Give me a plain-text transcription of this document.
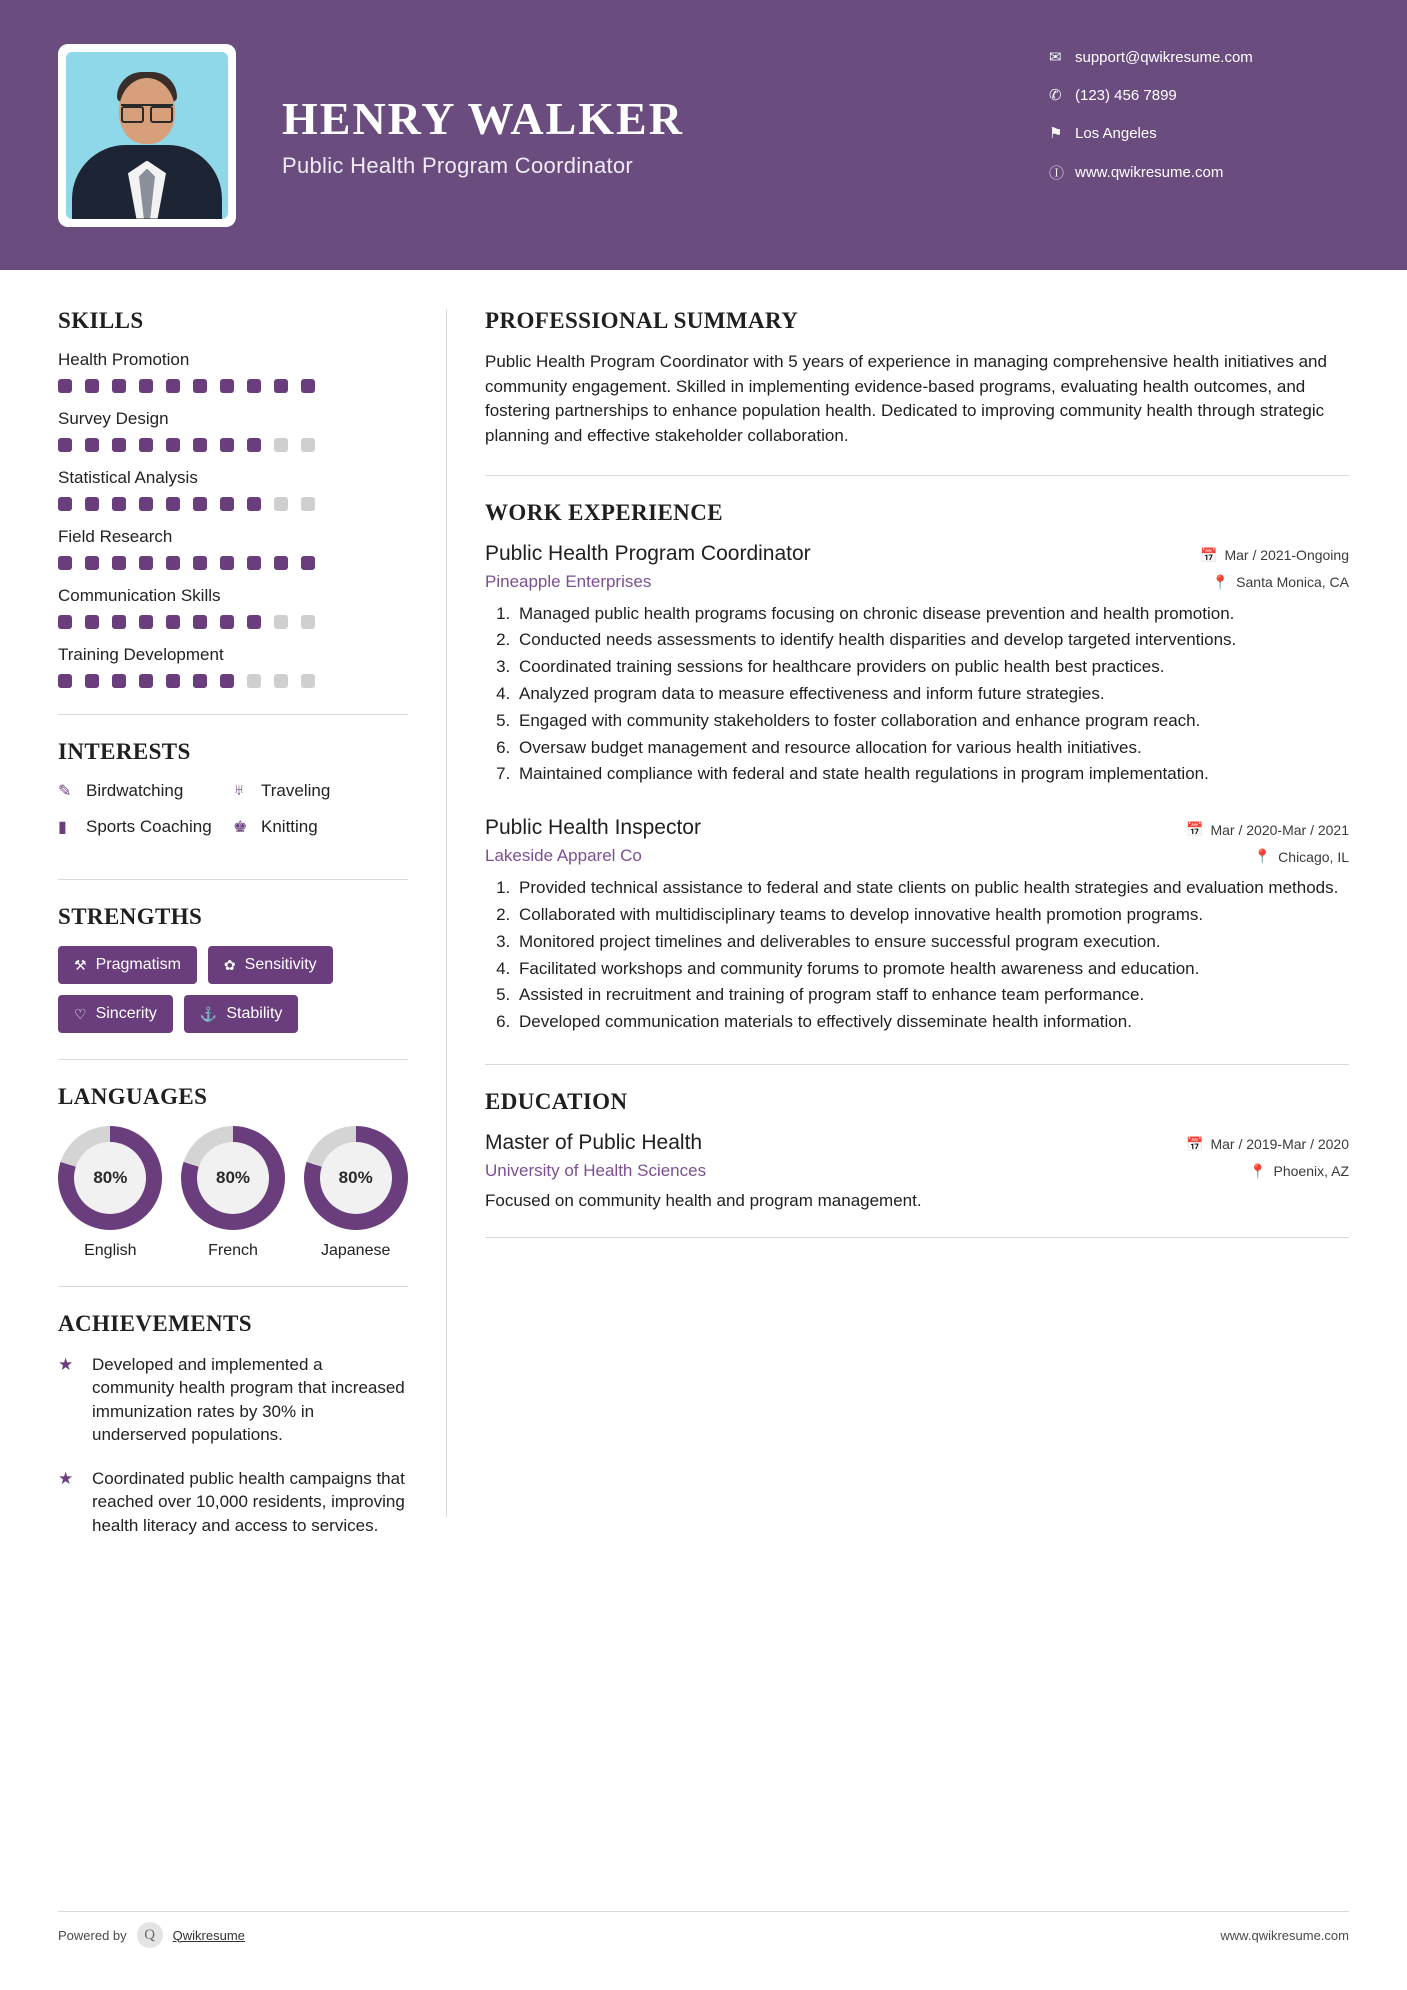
HENRY WALKER
Public Health Program Coordinator
✉ support@qwikresume.com
✆ (123) 456 7899
⚑ Los Angeles
Ⓘ www.qwikresume.com
SKILLS
Health Promotion
Survey Design
Statistical Analysis
Field Research
Communication Skills
Training Development
INTERESTS
✎ Birdwatching	♅ Traveling
▮	Sports Coaching ♚ Knitting
STRENGTHS
⚒ Pragmatism	✿ Sensitivity
♡ Sincerity	⚓ Stability
LANGUAGES
80%
English
80%
French
80%
Japanese
ACHIEVEMENTS
★	Developed and implemented a community health program that increased immunization rates by 30% in underserved populations.
★	Coordinated public health campaigns that reached over 10,000 residents, improving health literacy and access to services.
PROFESSIONAL SUMMARY
Public Health Program Coordinator with 5 years of experience in managing comprehensive health initiatives and community engagement. Skilled in implementing evidence-based programs, evaluating health outcomes, and fostering partnerships to enhance population health. Dedicated to improving community health through strategic planning and effective stakeholder collaboration.
WORK EXPERIENCE
Public Health Program Coordinator	📅 Mar / 2021-Ongoing
Pineapple Enterprises	📍 Santa Monica, CA
1. Managed public health programs focusing on chronic disease prevention and health promotion.
2. Conducted needs assessments to identify health disparities and develop targeted interventions.
3. Coordinated training sessions for healthcare providers on public health best practices.
4. Analyzed program data to measure effectiveness and inform future strategies.
5. Engaged with community stakeholders to foster collaboration and enhance program reach.
6. Oversaw budget management and resource allocation for various health initiatives.
7. Maintained compliance with federal and state health regulations in program implementation.
Public Health Inspector	📅 Mar / 2020-Mar / 2021
Lakeside Apparel Co	📍 Chicago, IL
1. Provided technical assistance to federal and state clients on public health strategies and evaluation methods.
2. Collaborated with multidisciplinary teams to develop innovative health promotion programs.
3. Monitored project timelines and deliverables to ensure successful program execution.
4. Facilitated workshops and community forums to promote health awareness and education.
5. Assisted in recruitment and training of program staff to enhance team performance.
6. Developed communication materials to effectively disseminate health information.
EDUCATION
Master of Public Health	📅 Mar / 2019-Mar / 2020
University of Health Sciences	📍 Phoenix, AZ
Focused on community health and program management.
Powered by	Q	Qwikresume	www.qwikresume.com
